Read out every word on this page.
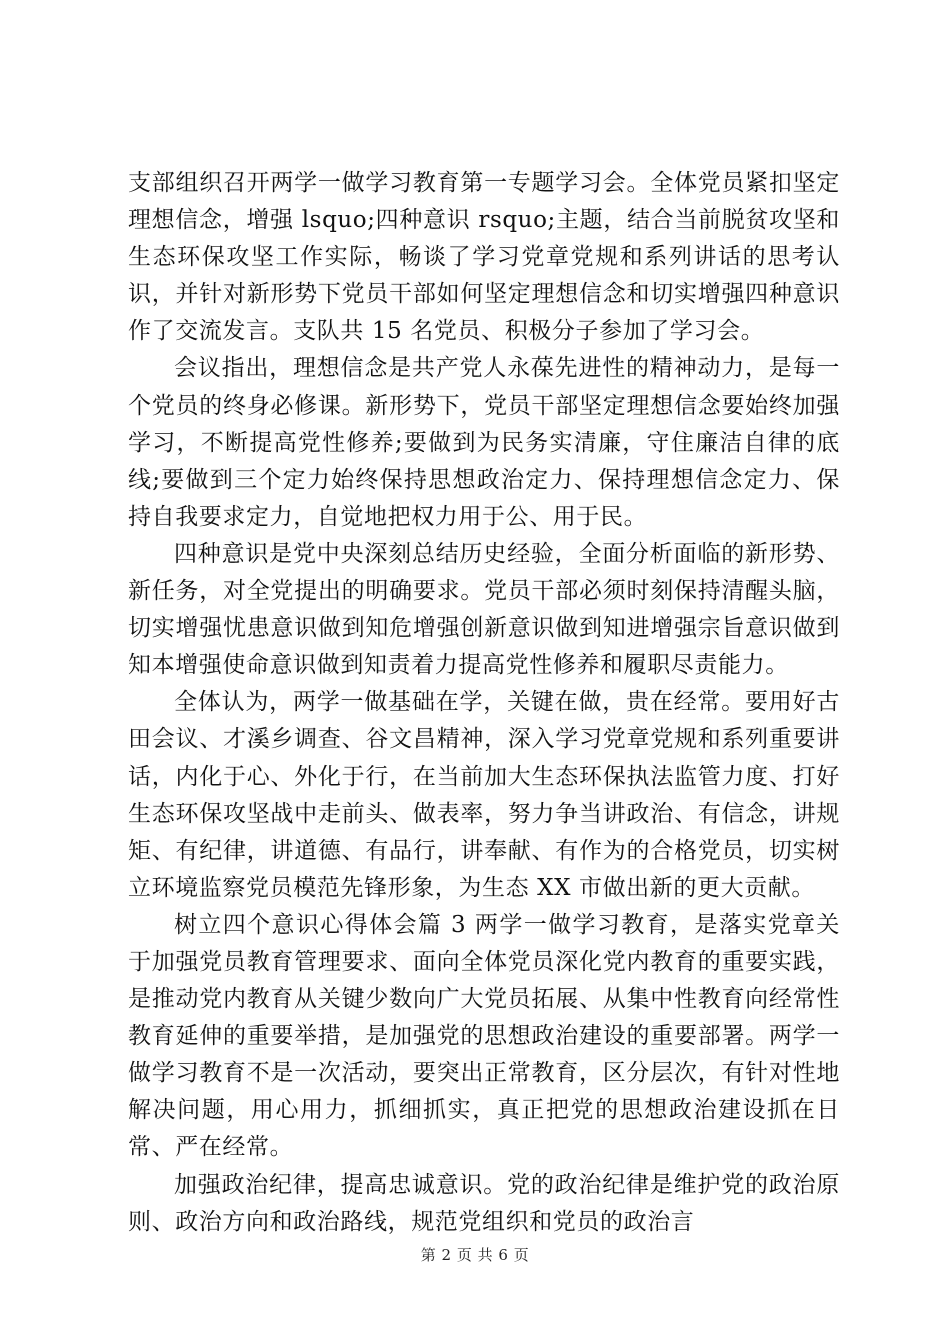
支部组织召开两学一做学习教育第一专题学习会。全体党员紧扣坚定理想信念，增强 lsquo;四种意识 rsquo;主题，结合当前脱贫攻坚和生态环保攻坚工作实际，畅谈了学习党章党规和系列讲话的思考认识，并针对新形势下党员干部如何坚定理想信念和切实增强四种意识作了交流发言。支队共 15 名党员、积极分子参加了学习会。

会议指出，理想信念是共产党人永葆先进性的精神动力，是每一个党员的终身必修课。新形势下，党员干部坚定理想信念要始终加强学习，不断提高党性修养;要做到为民务实清廉，守住廉洁自律的底线;要做到三个定力始终保持思想政治定力、保持理想信念定力、保持自我要求定力，自觉地把权力用于公、用于民。

四种意识是党中央深刻总结历史经验，全面分析面临的新形势、新任务，对全党提出的明确要求。党员干部必须时刻保持清醒头脑，切实增强忧患意识做到知危增强创新意识做到知进增强宗旨意识做到知本增强使命意识做到知责着力提高党性修养和履职尽责能力。

全体认为，两学一做基础在学，关键在做，贵在经常。要用好古田会议、才溪乡调查、谷文昌精神，深入学习党章党规和系列重要讲话，内化于心、外化于行，在当前加大生态环保执法监管力度、打好生态环保攻坚战中走前头、做表率，努力争当讲政治、有信念，讲规矩、有纪律，讲道德、有品行，讲奉献、有作为的合格党员，切实树立环境监察党员模范先锋形象，为生态 XX 市做出新的更大贡献。

树立四个意识心得体会篇 3 两学一做学习教育，是落实党章关于加强党员教育管理要求、面向全体党员深化党内教育的重要实践，是推动党内教育从关键少数向广大党员拓展、从集中性教育向经常性教育延伸的重要举措，是加强党的思想政治建设的重要部署。两学一做学习教育不是一次活动，要突出正常教育，区分层次，有针对性地解决问题，用心用力，抓细抓实，真正把党的思想政治建设抓在日常、严在经常。

加强政治纪律，提高忠诚意识。党的政治纪律是维护党的政治原则、政治方向和政治路线，规范党组织和党员的政治言

第 2 页 共 6 页
